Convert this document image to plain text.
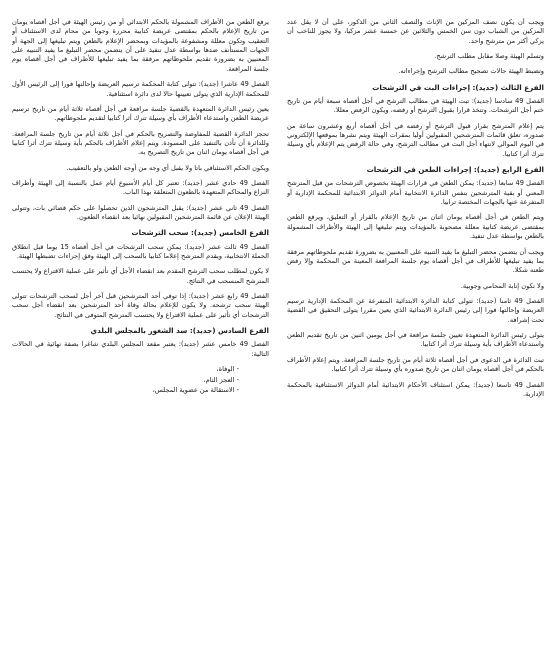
ويجب أن يكون نصف المزكين من الإناث والنصف الثاني من الذكور، على أن لا يقل عدد المزكين من الشباب دون سن الخمس والثلاثين عن خمسة عشر مزكيا، ولا يجوز للناخب أن يزكي أكثر من مترشح واحد.

وتسلم الهيئة وصلا مقابل مطلب الترشح.

وتضبط الهيئة حالات تصحيح مطالب الترشح وإجراءاته.

الفرع الثالث (جديد): إجراءات البت في الترشحات

الفصل 49 سادسا (جديد): تبت الهيئة في مطالب الترشح في أجل أقصاه سبعة أيام من تاريخ ختم أجل الترشحات. وتتخذ قرارا بقبول الترشح أو رفضه، ويكون الرفض معللا.

يتم إعلام المترشح بقرار قبول الترشح أو رفضه في أجل أقصاه أربع وعشرون ساعة من صدوره، تعلق قائمات المترشحين المقبولين أوليا بمقرات الهيئة ويتم نشرها بموقعها الإلكتروني في اليوم الموالي لانتهاء أجل البت في مطالب الترشح، وفي حالة الرفض يتم الإعلام بأي وسيلة تترك أثرا كتابيا.

الفرع الرابع (جديد): إجراءات الطعن في الترشحات

الفصل 49 سابعا (جديد): يمكن الطعن في قرارات الهيئة بخصوص الترشحات من قبل المترشح المعني أو بقية المترشحين بنفس الدائرة الانتخابية أمام الدوائر الابتدائية للمحكمة الإدارية أو المتفرعة عنها بالجهات المختصة ترابيا.

ويتم الطعن في أجل أقصاه يومان اثنان من تاريخ الإعلام بالقرار أو التعليق، ويرفع الطعن بمقتضى عريضة كتابية معللة مصحوبة بالمؤيدات ويتم تبليغها إلى الهيئة والأطراف المشمولة بالطعن بواسطة عدل تنفيذ.

ويجب أن يتضمن محضر التبليغ ما يفيد التنبيه على المعنيين به بضرورة تقديم ملحوظاتهم مرفقة بما يفيد تبليغها للأطراف في أجل أقصاه يوم جلسة المرافعة المعينة من المحكمة وإلا رفض طعنه شكلا.

ولا تكون إنابة المحامي وجوبية.

الفصل 49 ثامنا (جديد): تتولى كتابة الدائرة الابتدائية المتفرعة عن المحكمة الإدارية ترسيم العريضة وإحالتها فورا إلى رئيس الدائرة الابتدائية الذي يعين مقررا يتولى التحقيق في القضية تحت إشرافه.

يتولى رئيس الدائرة المتعهدة تعيين جلسة مرافعة في أجل يومين اثنين من تاريخ تقديم الطعن واستدعاء الأطراف بأية وسيلة تترك أثرا كتابيا.

تبت الدائرة في الدعوى في أجل أقصاه ثلاثة أيام من تاريخ جلسة المرافعة. ويتم إعلام الأطراف بالحكم في أجل أقصاه يومان اثنان من تاريخ صدوره بأي وسيلة تترك أثرا كتابيا.

الفصل 49 تاسعا (جديد): يمكن استئناف الأحكام الابتدائية أمام الدوائر الاستئنافية بالمحكمة الإدارية.

يرفع الطعن من الأطراف المشمولة بالحكم الابتدائي أو من رئيس الهيئة في أجل أقصاه يومان من تاريخ الإعلام بالحكم بمقتضى عريضة كتابية محررة وجوبا من محام لدى الاستئناف أو التعقيب وتكون معللة ومشفوعة بالمؤيدات وبمحضر الإعلام بالطعن ويتم تبليغها إلى الجهة أو الجهات المستأنف ضدها بواسطة عدل تنفيذ على أن يتضمن محضر التبليغ ما يفيد التنبيه على المعنيين به بضرورة تقديم ملحوظاتهم مرفقة بما يفيد تبليغها للأطراف في أجل أقصاه يوم جلسة المرافعة.

الفصل 49 عاشرا (جديد): تتولى كتابة المحكمة ترسيم العريضة وإحالتها فورا إلى الرئيس الأول للمحكمة الإدارية الذي يتولى تعيينها حالا لدى دائرة استئنافية.

يعين رئيس الدائرة المتعهدة بالقضية جلسة مرافعة في أجل أقصاه ثلاثة أيام من تاريخ ترسيم عريضة الطعن واستدعاء الأطراف بأي وسيلة تترك أثرا كتابيا لتقديم ملحوظاتهم.

تحجز الدائرة القضية للمفاوضة والتصريح بالحكم في أجل ثلاثة أيام من تاريخ جلسة المرافعة. وللدائرة أن تأذن بالتنفيذ على المسودة. ويتم إعلام الأطراف بالحكم بأية وسيلة تترك أثرا كتابيا في أجل أقصاه يومان اثنان من تاريخ التصريح به.

ويكون الحكم الاستئنافي باتا ولا يقبل أي وجه من أوجه الطعن ولو بالتعقيب.

الفصل 49 حادي عشر (جديد): تعتبر كل أيام الأسبوع أيام عمل بالنسبة إلى الهيئة وأطراف النزاع والمحاكم المتعهدة بالطعون المتعلقة بهذا الباب.

الفصل 49 ثاني عشر (جديد): يقبل المترشحون الذين تحصلوا على حكم قضائي بات، وتتولى الهيئة الإعلان عن قائمة المترشحين المقبولين نهائيا بعد انقضاء الطعون.

الفرع الخامس (جديد): سحب الترشحات

الفصل 49 ثالث عشر (جديد): يمكن سحب الترشحات في أجل أقصاه 15 يوما قبل انطلاق الحملة الانتخابية، ويقدم المترشح إعلاما كتابيا بالسحب إلى الهيئة وفق إجراءات تضبطها الهيئة.

لا يكون لمطلب سحب الترشح المقدم بعد انقضاء الأجل أي تأثير على عملية الاقتراع ولا يحتسب المترشح المنسحب في النتائج.

الفصل 49 رابع عشر (جديد): إذا توفي أحد المترشحين قبل آخر أجل لسحب الترشحات تتولى الهيئة سحب ترشحه. ولا يكون للإعلام بحالة وفاة أحد المترشحين بعد انقضاء أجل سحب الترشحات أي تأثير على عملية الاقتراع ولا يحتسب المترشح المتوفى في النتائج.

الفرع السادس (جديد): سد الشغور بالمجلس البلدي

الفصل 49 خامس عشر (جديد): يعتبر مقعد المجلس البلدي شاغرا بصفة نهائية في الحالات التالية:

- الوفاة،
- العجز التام،
- الاستقالة من عضوية المجلس،
